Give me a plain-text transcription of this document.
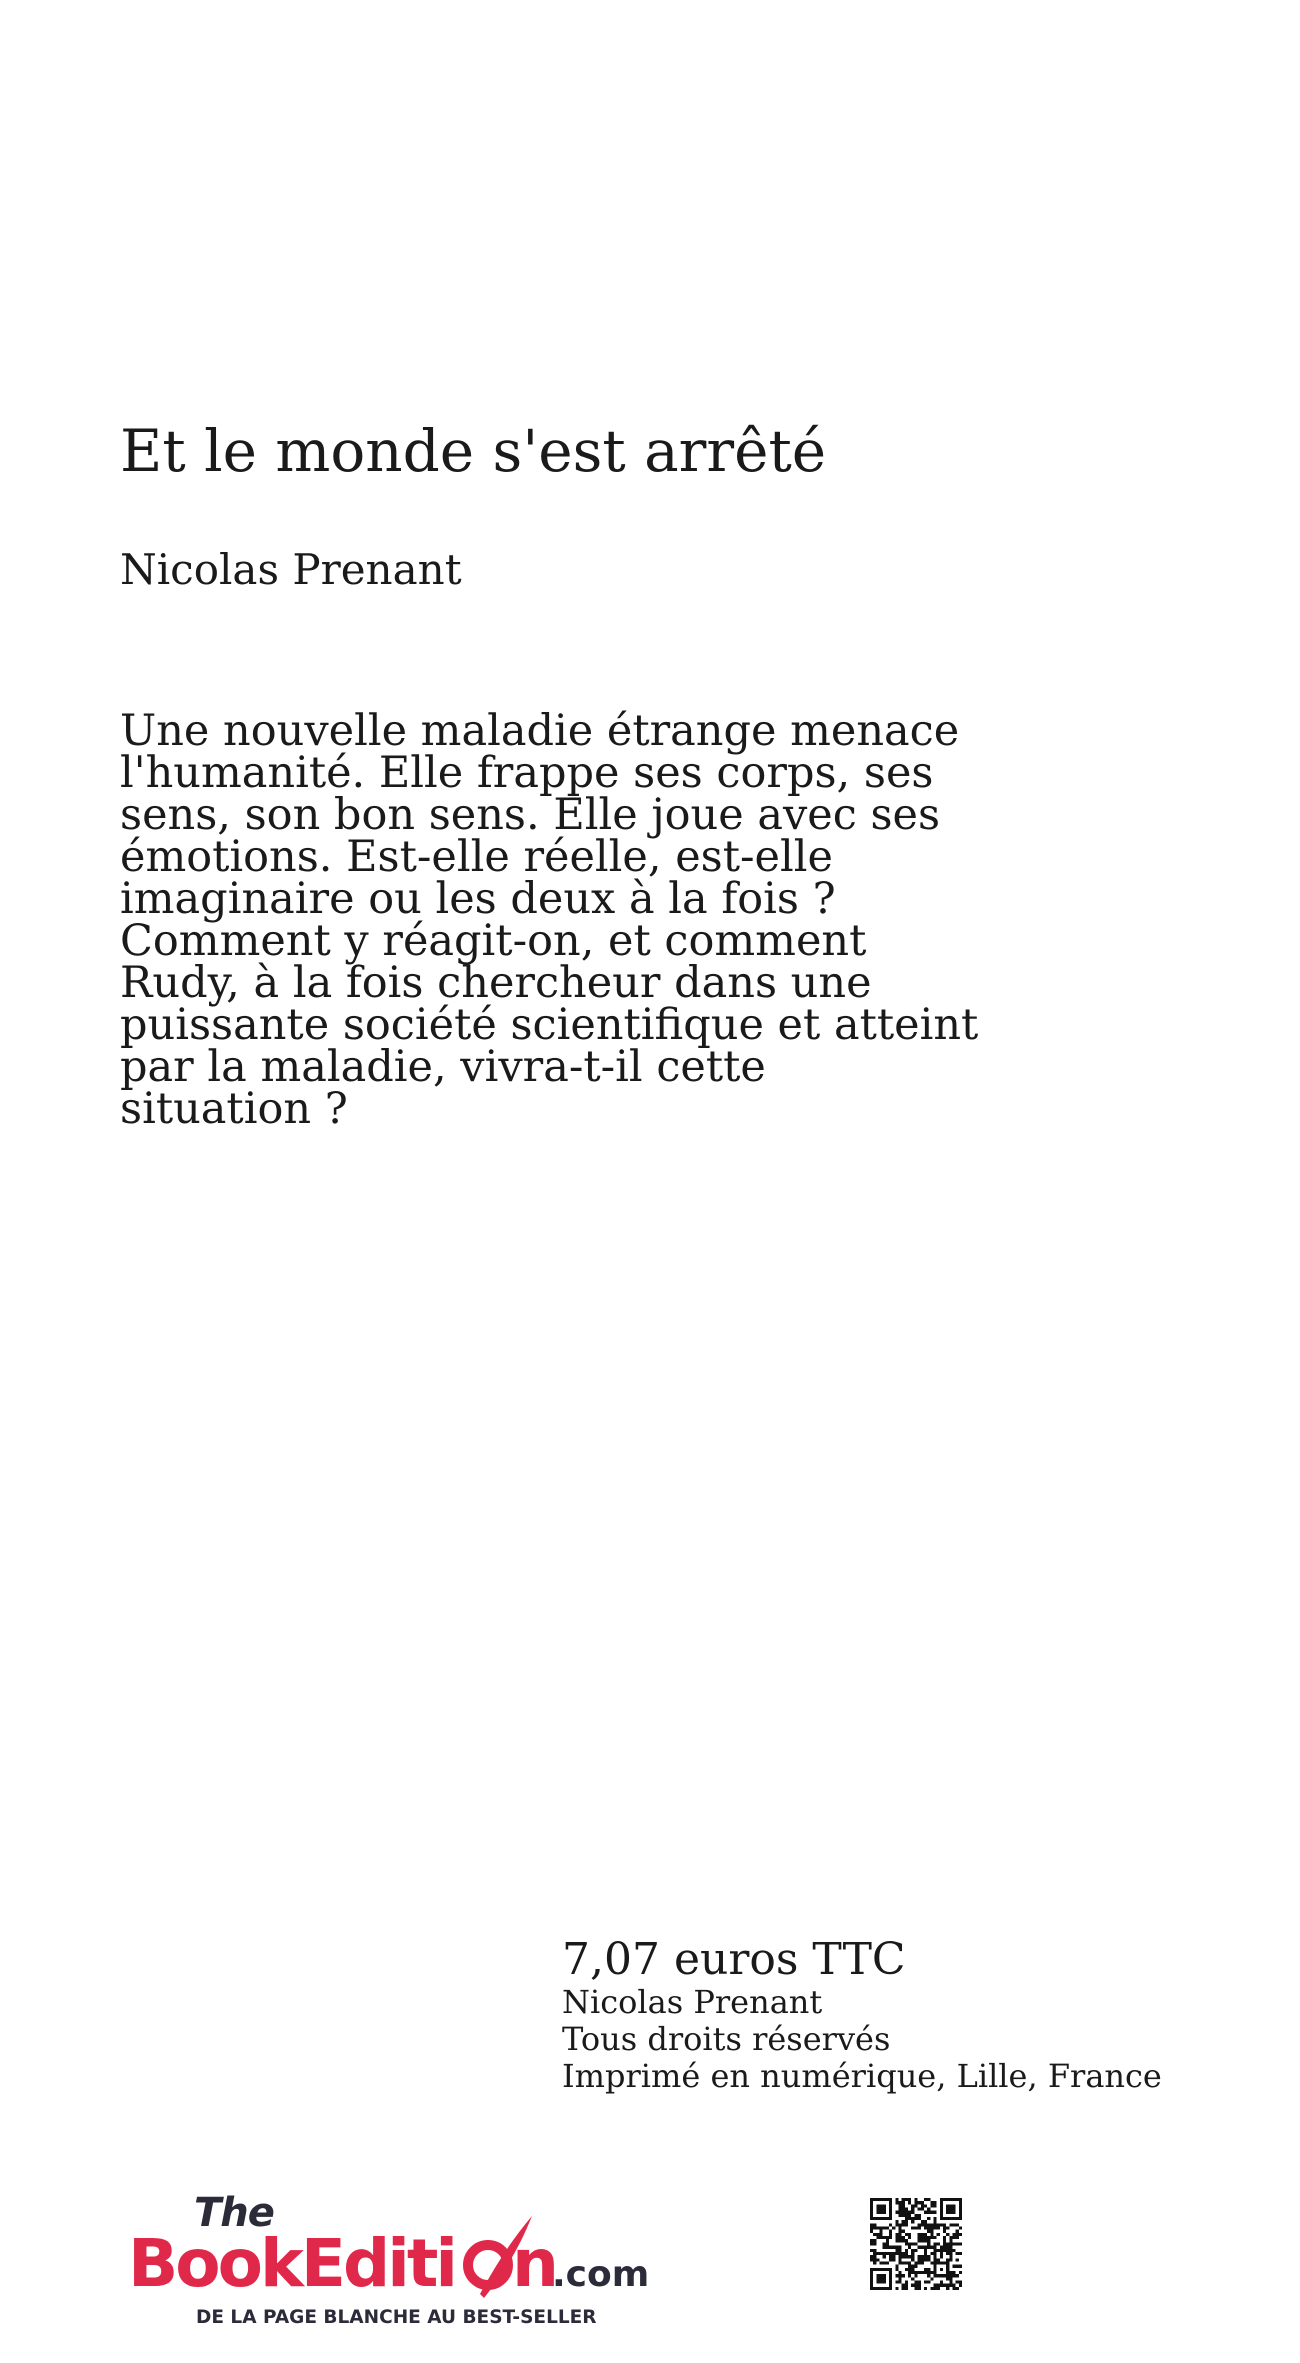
Et le monde s'est arrêté
Nicolas Prenant

Une nouvelle maladie étrange menace
l'humanité. Elle frappe ses corps, ses
sens, son bon sens. Elle joue avec ses
émotions. Est-elle réelle, est-elle
imaginaire ou les deux à la fois ?
Comment y réagit-on, et comment
Rudy, à la fois chercheur dans une
puissante société scientifique et atteint
par la maladie, vivra-t-il cette
situation ?

7,07 euros TTC
Nicolas Prenant
Tous droits réservés
Imprimé en numérique, Lille, France
The
BookEditi n
.com
DE LA PAGE BLANCHE AU BEST-SELLER
